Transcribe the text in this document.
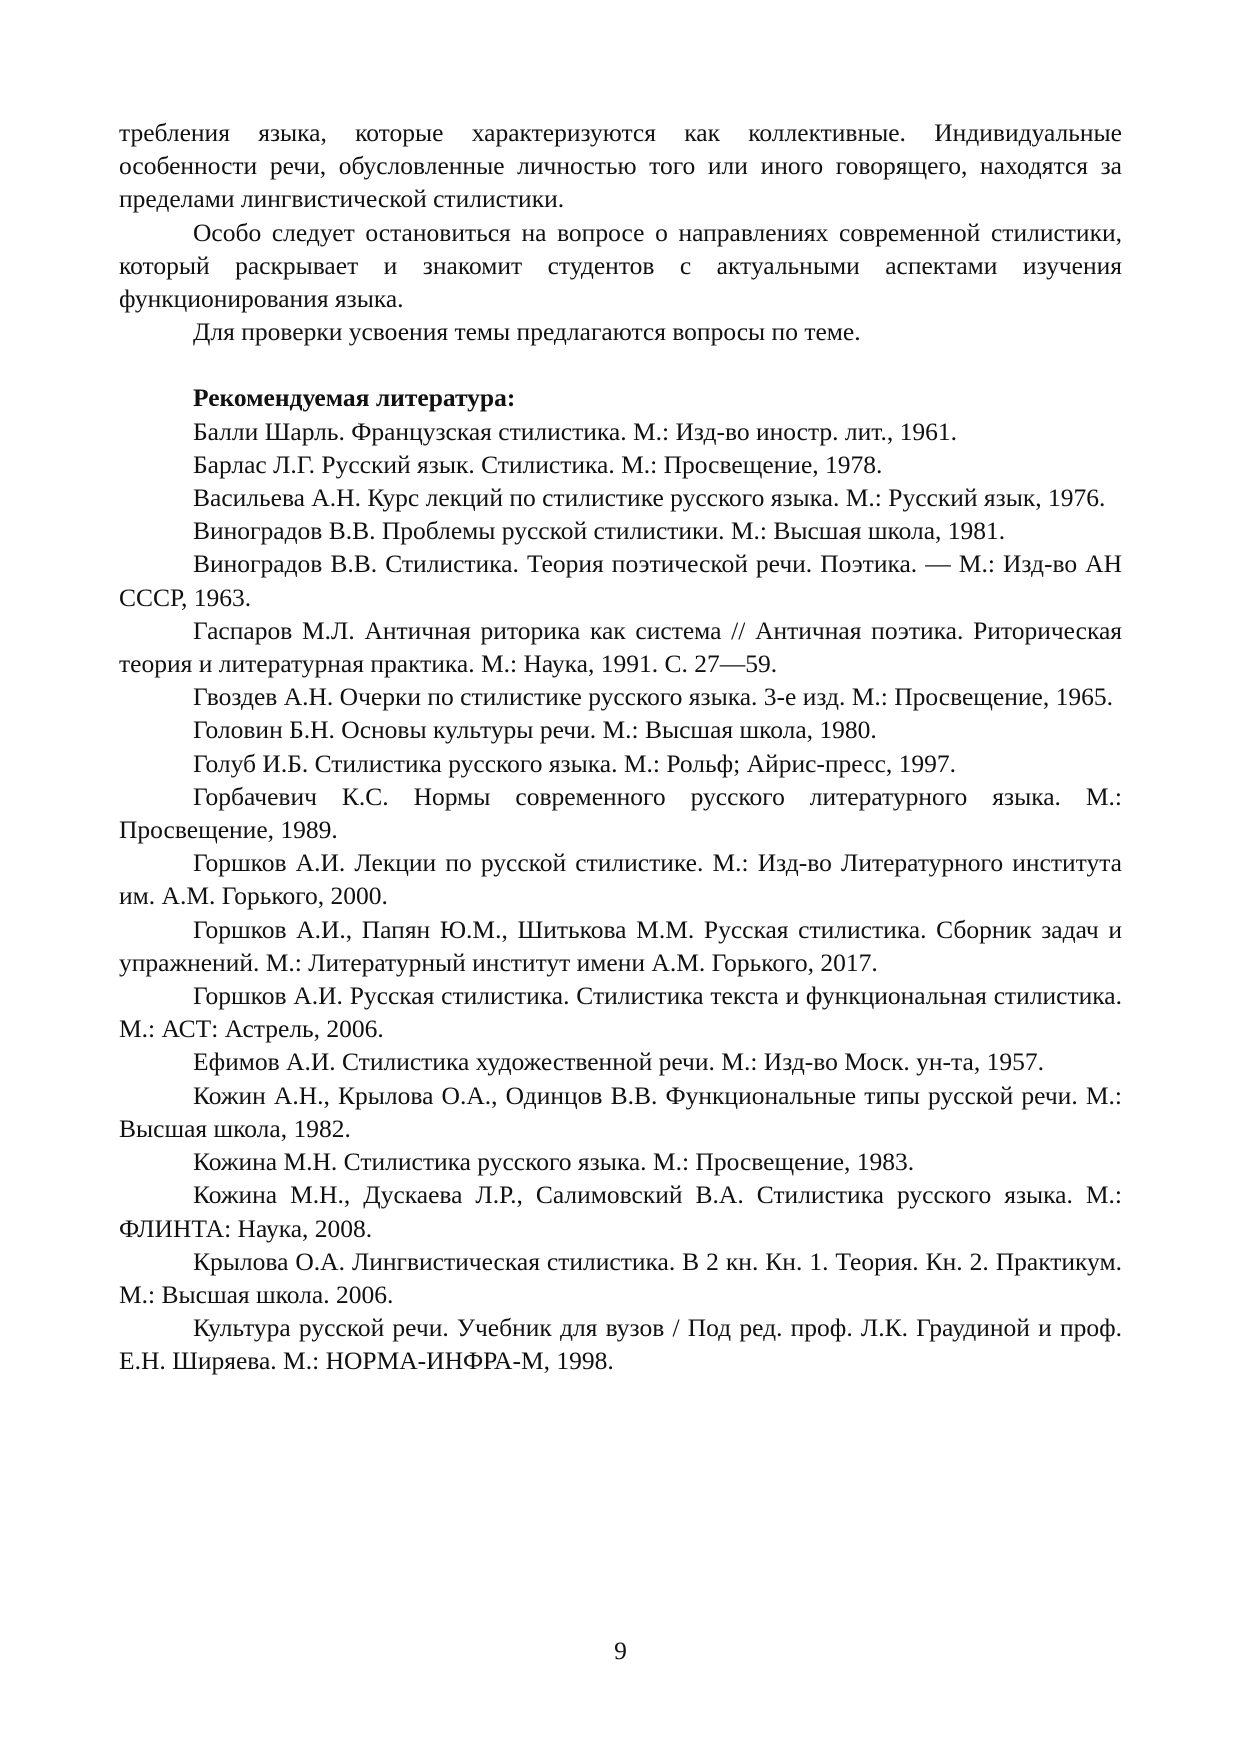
требления языка, которые характеризуются как коллективные. Индивидуальные особенности речи, обусловленные личностью того или иного говорящего, находятся за пределами лингвистической стилистики.

Особо следует остановиться на вопросе о направлениях современной стилистики, который раскрывает и знакомит студентов с актуальными аспектами изучения функционирования языка.

Для проверки усвоения темы предлагаются вопросы по теме.

Рекомендуемая литература:

Балли Шарль. Французская стилистика. М.: Изд-во иностр. лит., 1961.

Барлас Л.Г. Русский язык. Стилистика. М.: Просвещение, 1978.

Васильева А.Н. Курс лекций по стилистике русского языка. М.: Русский язык, 1976.

Виноградов В.В. Проблемы русской стилистики. М.: Высшая школа, 1981.

Виноградов В.В. Стилистика. Теория поэтической речи. Поэтика. — М.: Изд-во АН СССР, 1963.

Гаспаров М.Л. Античная риторика как система // Античная поэтика. Риторическая теория и литературная практика. М.: Наука, 1991. С. 27—59.

Гвоздев А.Н. Очерки по стилистике русского языка. 3-е изд. М.: Просвещение, 1965.

Головин Б.Н. Основы культуры речи. М.: Высшая школа, 1980.

Голуб И.Б. Стилистика русского языка. М.: Рольф; Айрис-пресс, 1997.

Горбачевич К.С. Нормы современного русского литературного языка. М.: Просвещение, 1989.

Горшков А.И. Лекции по русской стилистике. М.: Изд-во Литературного института им. А.М. Горького, 2000.

Горшков А.И., Папян Ю.М., Шитькова М.М. Русская стилистика. Сборник задач и упражнений. М.: Литературный институт имени А.М. Горького, 2017.

Горшков А.И. Русская стилистика. Стилистика текста и функциональная стилистика. М.: АСТ: Астрель, 2006.

Ефимов А.И. Стилистика художественной речи. М.: Изд-во Моск. ун-та, 1957.

Кожин А.Н., Крылова О.А., Одинцов В.В. Функциональные типы русской речи. М.: Высшая школа, 1982.

Кожина М.Н. Стилистика русского языка. М.: Просвещение, 1983.

Кожина М.Н., Дускаева Л.Р., Салимовский В.А. Стилистика русского языка. М.: ФЛИНТА: Наука, 2008.

Крылова О.А. Лингвистическая стилистика. В 2 кн. Кн. 1. Теория. Кн. 2. Практикум. М.: Высшая школа. 2006.

Культура русской речи. Учебник для вузов / Под ред. проф. Л.К. Граудиной и проф. Е.Н. Ширяева. М.: НОРМА-ИНФРА-М, 1998.

9
